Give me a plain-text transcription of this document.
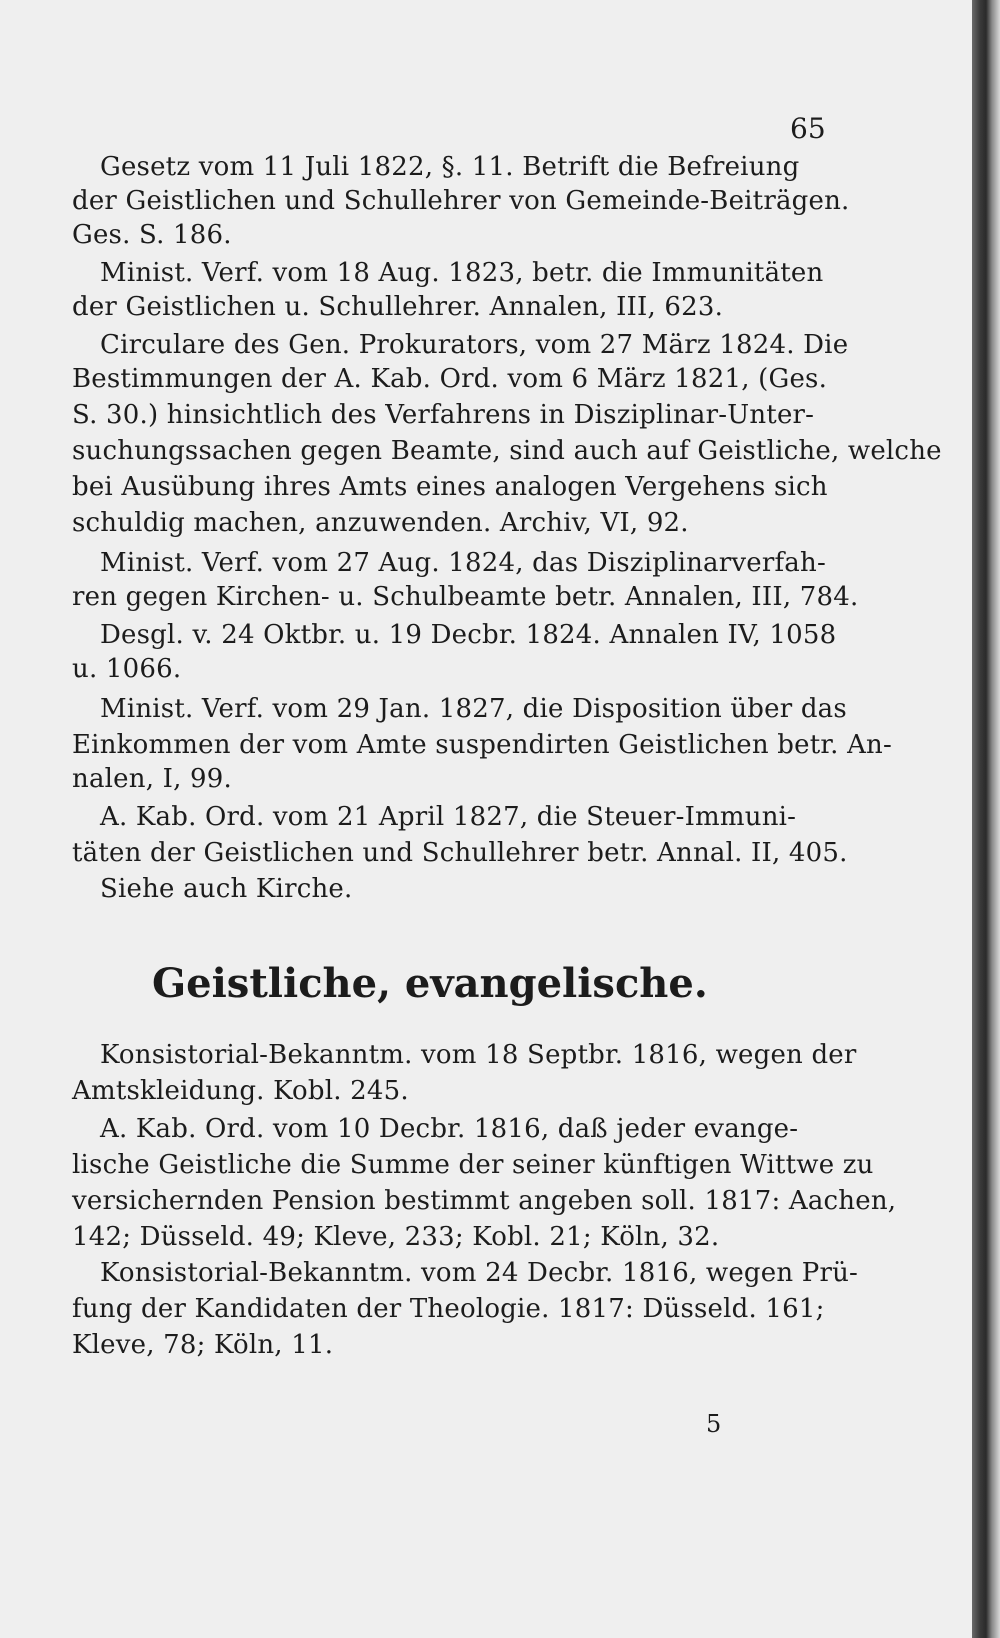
65
Gesetz vom 11 Juli 1822, §. 11. Betrift die Befreiung
der Geistlichen und Schullehrer von Gemeinde-Beiträgen.
Ges. S. 186.
Minist. Verf. vom 18 Aug. 1823, betr. die Immunitäten
der Geistlichen u. Schullehrer. Annalen, III, 623.
Circulare des Gen. Prokurators, vom 27 März 1824. Die
Bestimmungen der A. Kab. Ord. vom 6 März 1821, (Ges.
S. 30.) hinsichtlich des Verfahrens in Disziplinar-Unter-
suchungssachen gegen Beamte, sind auch auf Geistliche, welche
bei Ausübung ihres Amts eines analogen Vergehens sich
schuldig machen, anzuwenden. Archiv, VI, 92.
Minist. Verf. vom 27 Aug. 1824, das Disziplinarverfah-
ren gegen Kirchen- u. Schulbeamte betr. Annalen, III, 784.
Desgl. v. 24 Oktbr. u. 19 Decbr. 1824. Annalen IV, 1058
u. 1066.
Minist. Verf. vom 29 Jan. 1827, die Disposition über das
Einkommen der vom Amte suspendirten Geistlichen betr. An-
nalen, I, 99.
A. Kab. Ord. vom 21 April 1827, die Steuer-Immuni-
täten der Geistlichen und Schullehrer betr. Annal. II, 405.
Siehe auch Kirche.
Geistliche, evangelische.
Konsistorial-Bekanntm. vom 18 Septbr. 1816, wegen der
Amtskleidung. Kobl. 245.
A. Kab. Ord. vom 10 Decbr. 1816, daß jeder evange-
lische Geistliche die Summe der seiner künftigen Wittwe zu
versichernden Pension bestimmt angeben soll. 1817: Aachen,
142; Düsseld. 49; Kleve, 233; Kobl. 21; Köln, 32.
Konsistorial-Bekanntm. vom 24 Decbr. 1816, wegen Prü-
fung der Kandidaten der Theologie. 1817: Düsseld. 161;
Kleve, 78; Köln, 11.
5
